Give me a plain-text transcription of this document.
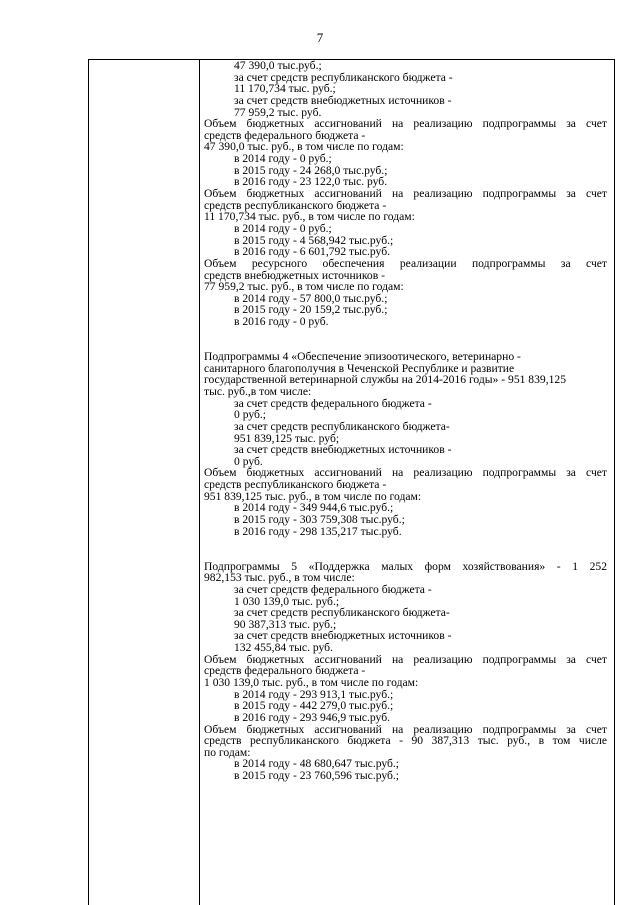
7
47 390,0 тыс.руб.;
за счет средств республиканского бюджета -
11 170,734 тыс. руб.;
за счет средств внебюджетных источников -
77 959,2 тыс. руб.
Объем бюджетных ассигнований на реализацию подпрограммы за счет
средств федерального бюджета -
47 390,0 тыс. руб., в том числе по годам:
в 2014 году - 0 руб.;
в 2015 году - 24 268,0 тыс.руб.;
в 2016 году - 23 122,0 тыс. руб.
Объем бюджетных ассигнований на реализацию подпрограммы за счет
средств республиканского бюджета -
11 170,734 тыс. руб., в том числе по годам:
в 2014 году - 0 руб.;
в 2015 году - 4 568,942 тыс.руб.;
в 2016 году - 6 601,792 тыс.руб.
Объем ресурсного обеспечения реализации подпрограммы за счет
средств внебюджетных источников -
77 959,2 тыс. руб., в том числе по годам:
в 2014 году - 57 800,0 тыс.руб.;
в 2015 году - 20 159,2 тыс.руб.;
в 2016 году - 0 руб.
Подпрограммы 4 «Обеспечение эпизоотического, ветеринарно -
санитарного благополучия в Чеченской Республике и развитие
государственной ветеринарной службы на 2014-2016 годы» - 951 839,125
тыс. руб.,в том числе:
за счет средств федерального бюджета -
0 руб.;
за счет средств республиканского бюджета-
951 839,125 тыс. руб;
за счет средств внебюджетных источников -
0 руб.
Объем бюджетных ассигнований на реализацию подпрограммы за счет
средств республиканского бюджета -
951 839,125 тыс. руб., в том числе по годам:
в 2014 году - 349 944,6 тыс.руб.;
в 2015 году - 303 759,308 тыс.руб.;
в 2016 году - 298 135,217 тыс.руб.
Подпрограммы 5 «Поддержка малых форм хозяйствования» - 1 252
982,153 тыс. руб., в том числе:
за счет средств федерального бюджета -
1 030 139,0 тыс. руб.;
за счет средств республиканского бюджета-
90 387,313 тыс. руб.;
за счет средств внебюджетных источников -
132 455,84 тыс. руб.
Объем бюджетных ассигнований на реализацию подпрограммы за счет
средств федерального бюджета -
1 030 139,0 тыс. руб., в том числе по годам:
в 2014 году - 293 913,1 тыс.руб.;
в 2015 году - 442 279,0 тыс.руб.;
в 2016 году - 293 946,9 тыс.руб.
Объем бюджетных ассигнований на реализацию подпрограммы за счет
средств республиканского бюджета - 90 387,313 тыс. руб., в том числе
по годам:
в 2014 году - 48 680,647 тыс.руб.;
в 2015 году - 23 760,596 тыс.руб.;
